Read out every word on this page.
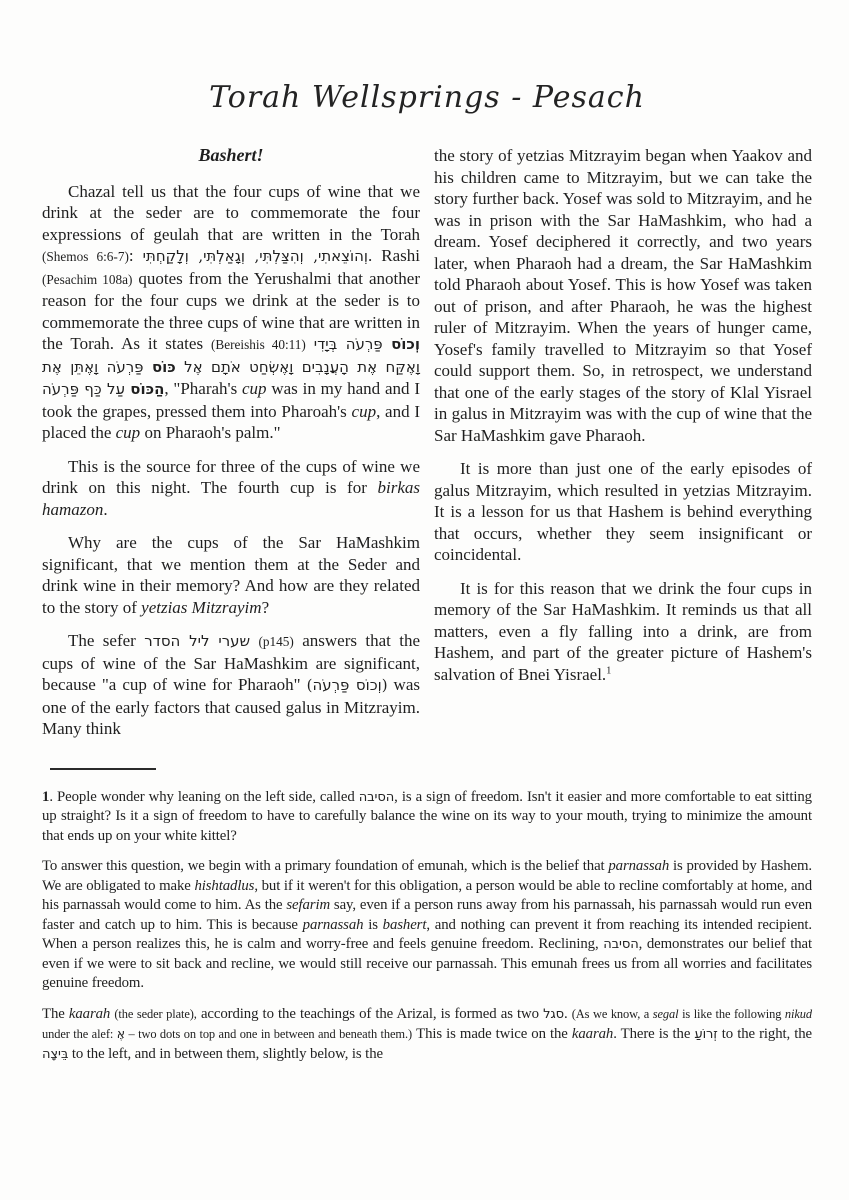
Torah Wellsprings - Pesach
Bashert!

Chazal tell us that the four cups of wine that we drink at the seder are to commemorate the four expressions of geulah that are written in the Torah (Shemos 6:6-7): וְהוֹצֵאתִי, וְהִצַּלְתִּי, וְגָאַלְתִּי, וְלָקַחְתִּי. Rashi (Pesachim 108a) quotes from the Yerushalmi that another reason for the four cups we drink at the seder is to commemorate the three cups of wine that are written in the Torah. As it states (Bereishis 40:11)	וְכוֹס פַּרְעֹה בְּיָדִי וָאֶקַּח אֶת הָעֲנָבִים וָאֶשְׂחַט אֹתָם אֶל כּוֹס פַּרְעֹה וָאֶתֵּן אֶת הַכּוֹס עַל כַּף פַּרְעֹה , "Pharah's cup was in my hand and I took the grapes, pressed them into Pharoah's cup, and I placed the cup on Pharaoh's palm."

This is the source for three of the cups of wine we drink on this night. The fourth cup is for birkas hamazon.

Why are the cups of the Sar HaMashkim significant, that we mention them at the Seder and drink wine in their memory? And how are they related to the story of yetzias Mitzrayim?

The sefer שערי ליל הסדר (p145) answers that the cups of wine of the Sar HaMashkim are significant, because "a cup of wine for Pharaoh" (וְכוֹס פַּרְעֹה) was one of the early factors that caused galus in Mitzrayim. Many think

the story of yetzias Mitzrayim began when Yaakov and his children came to Mitzrayim, but we can take the story further back. Yosef was sold to Mitzrayim, and he was in prison with the Sar HaMashkim, who had a dream. Yosef deciphered it correctly, and two years later, when Pharaoh had a dream, the Sar HaMashkim told Pharaoh about Yosef. This is how Yosef was taken out of prison, and after Pharaoh, he was the highest ruler of Mitzrayim. When the years of hunger came, Yosef's family travelled to Mitzrayim so that Yosef could support them. So, in retrospect, we understand that one of the early stages of the story of Klal Yisrael in galus in Mitzrayim was with the cup of wine that the Sar HaMashkim gave Pharaoh.

It is more than just one of the early episodes of galus Mitzrayim, which resulted in yetzias Mitzrayim. It is a lesson for us that Hashem is behind everything that occurs, whether they seem insignificant or coincidental.

It is for this reason that we drink the four cups in memory of the Sar HaMashkim. It reminds us that all matters, even a fly falling into a drink, are from Hashem, and part of the greater picture of Hashem's salvation of Bnei Yisrael.$^1$

1. People wonder why leaning on the left side, called הסיבה, is a sign of freedom. Isn't it easier and more comfortable to eat sitting up straight? Is it a sign of freedom to have to carefully balance the wine on its way to your mouth, trying to minimize the amount that ends up on your white kittel?

To answer this question, we begin with a primary foundation of emunah, which is the belief that parnassah is provided by Hashem. We are obligated to make hishtadlus, but if it weren't for this obligation, a person would be able to recline comfortably at home, and his parnassah would come to him. As the sefarim say, even if a person runs away from his parnassah, his parnassah would run even faster and catch up to him. This is because parnassah is bashert, and nothing can prevent it from reaching its intended recipient. When a person realizes this, he is calm and worry-free and feels genuine freedom. Reclining, הסיבה, demonstrates our belief that even if we were to sit back and recline, we would still receive our parnassah. This emunah frees us from all worries and facilitates genuine freedom.

The kaarah (the seder plate), according to the teachings of the Arizal, is formed as two סגל. (As we know, a segal is like the following nikud under the alef: אֶ – two dots on top and one in between and beneath them.) This is made twice on the kaarah. There is the זְרוֹעַ to the right, the בֵּיצָה to the left, and in between them, slightly below, is the
